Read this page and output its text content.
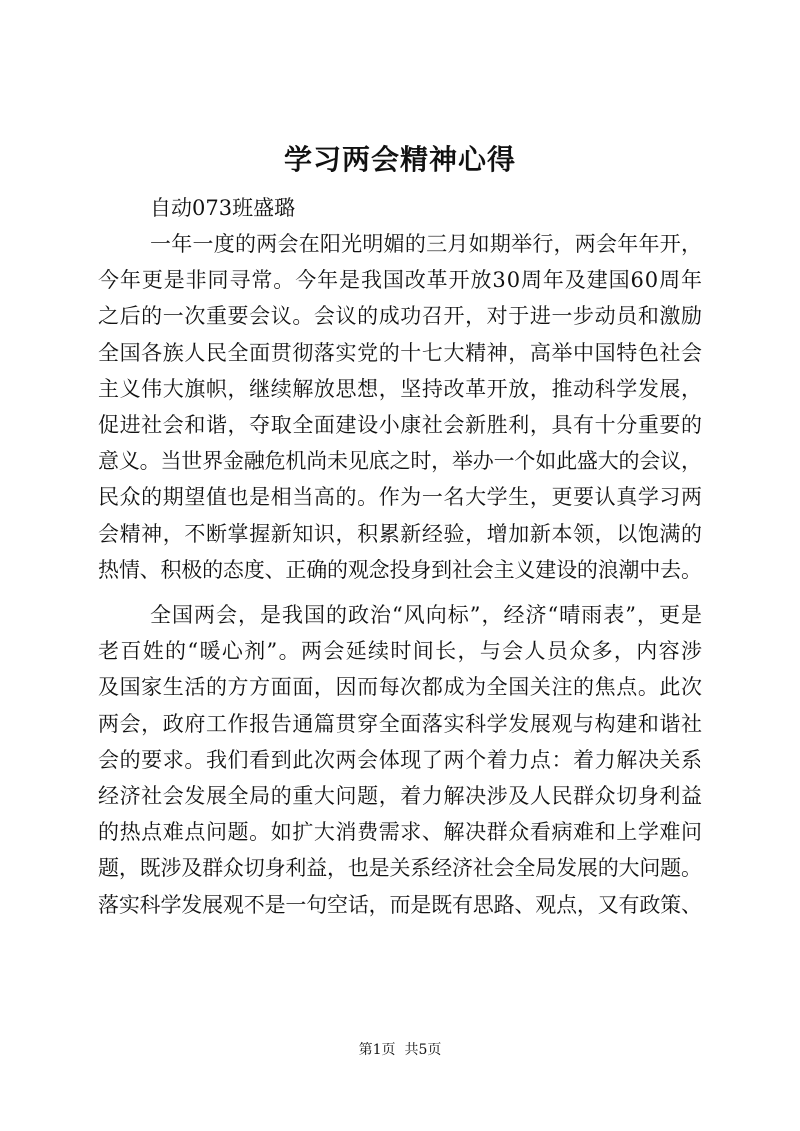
学习两会精神心得
自动073班盛璐
一年一度的两会在阳光明媚的三月如期举行，两会年年开，
今年更是非同寻常。今年是我国改革开放30周年及建国60周年
之后的一次重要会议。会议的成功召开，对于进一步动员和激励
全国各族人民全面贯彻落实党的十七大精神，高举中国特色社会
主义伟大旗帜，继续解放思想，坚持改革开放，推动科学发展，
促进社会和谐，夺取全面建设小康社会新胜利，具有十分重要的
意义。当世界金融危机尚未见底之时，举办一个如此盛大的会议，
民众的期望值也是相当高的。作为一名大学生，更要认真学习两
会精神，不断掌握新知识，积累新经验，增加新本领，以饱满的
热情、积极的态度、正确的观念投身到社会主义建设的浪潮中去。
全国两会，是我国的政治“风向标”，经济“晴雨表”，更是
老百姓的“暖心剂”。两会延续时间长，与会人员众多，内容涉
及国家生活的方方面面，因而每次都成为全国关注的焦点。此次
两会，政府工作报告通篇贯穿全面落实科学发展观与构建和谐社
会的要求。我们看到此次两会体现了两个着力点：着力解决关系
经济社会发展全局的重大问题，着力解决涉及人民群众切身利益
的热点难点问题。如扩大消费需求、解决群众看病难和上学难问
题，既涉及群众切身利益，也是关系经济社会全局发展的大问题。
落实科学发展观不是一句空话，而是既有思路、观点，又有政策、
第1页  共5页
